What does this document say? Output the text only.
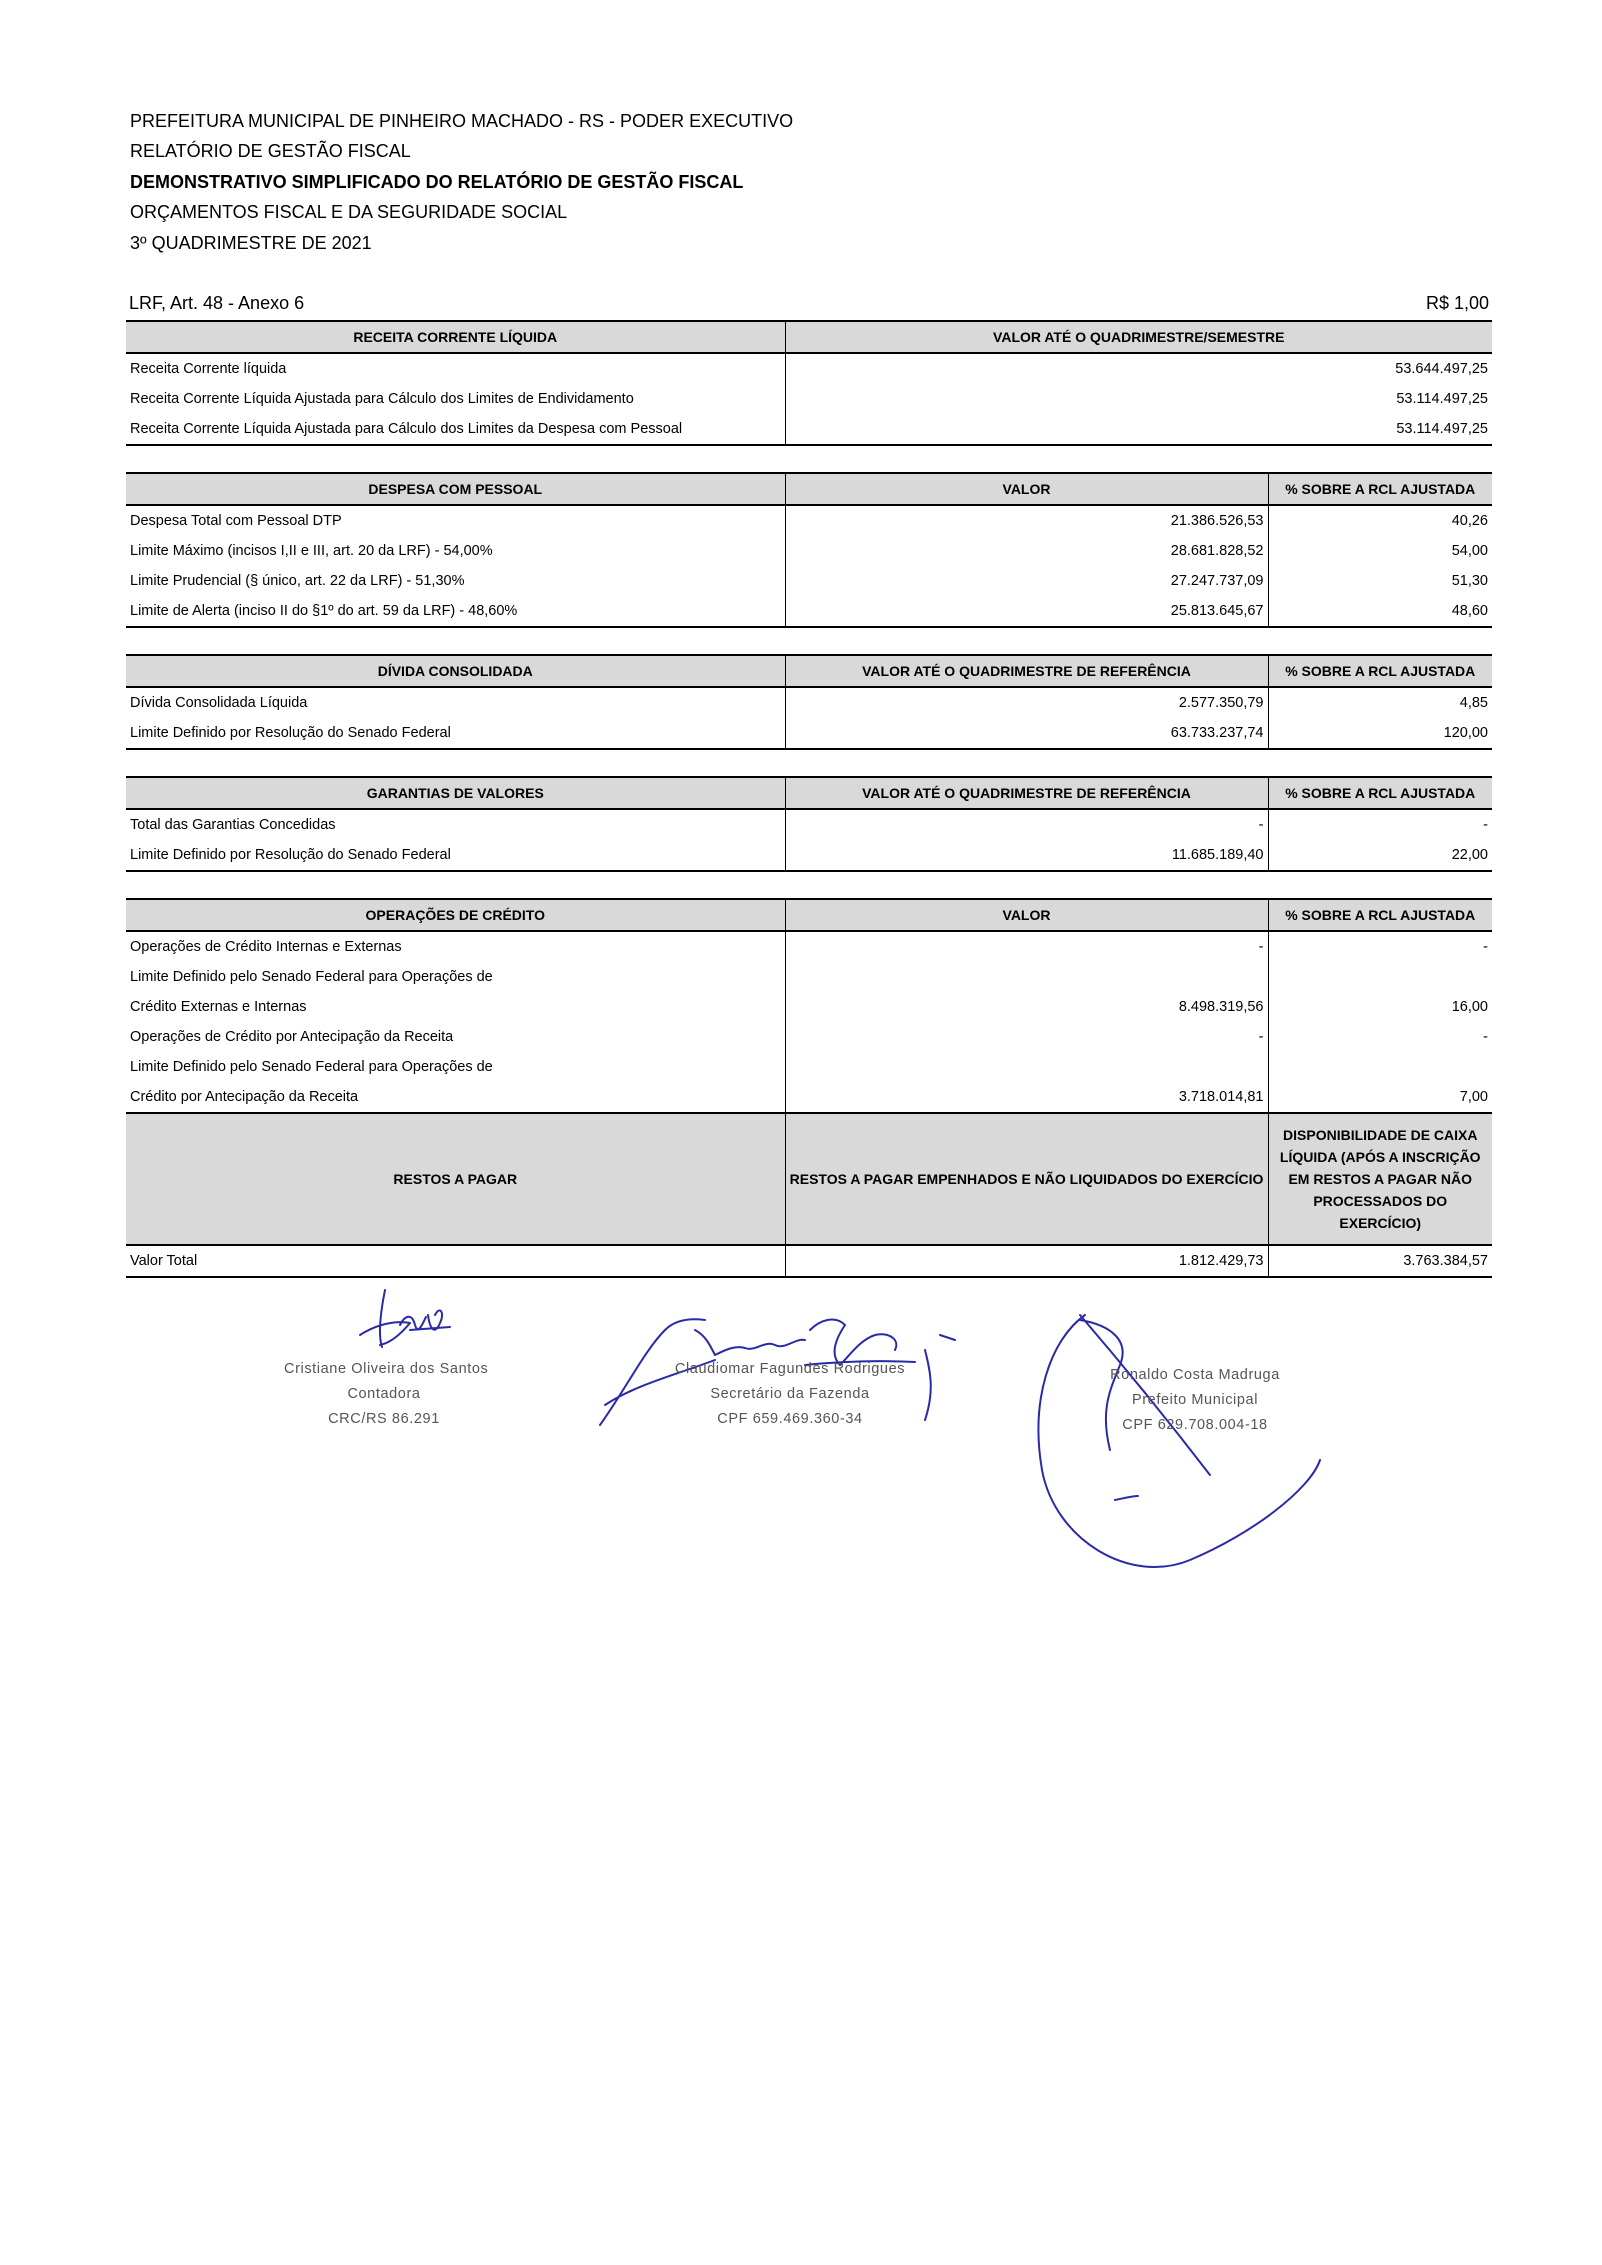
PREFEITURA MUNICIPAL DE PINHEIRO MACHADO - RS - PODER EXECUTIVO
RELATÓRIO DE GESTÃO FISCAL
DEMONSTRATIVO SIMPLIFICADO DO RELATÓRIO DE GESTÃO FISCAL
ORÇAMENTOS FISCAL E DA SEGURIDADE SOCIAL
3º QUADRIMESTRE DE 2021
LRF, Art. 48 - Anexo 6	R$ 1,00
RECEITA CORRENTE LÍQUIDA	VALOR ATÉ O QUADRIMESTRE/SEMESTRE
Receita Corrente líquida	53.644.497,25
Receita Corrente Líquida Ajustada para Cálculo dos Limites de Endividamento	53.114.497,25
Receita Corrente Líquida Ajustada para Cálculo dos Limites da Despesa com Pessoal	53.114.497,25
DESPESA COM PESSOAL	VALOR	% SOBRE A RCL AJUSTADA
Despesa Total com Pessoal DTP	21.386.526,53	40,26
Limite Máximo (incisos I,II e III, art. 20 da LRF) - 54,00%	28.681.828,52	54,00
Limite Prudencial (§ único, art. 22 da LRF) - 51,30%	27.247.737,09	51,30
Limite de Alerta (inciso II do §1º do art. 59 da LRF) - 48,60%	25.813.645,67	48,60
DÍVIDA CONSOLIDADA	VALOR ATÉ O QUADRIMESTRE DE REFERÊNCIA	% SOBRE A RCL AJUSTADA
Dívida Consolidada Líquida	2.577.350,79	4,85
Limite Definido por Resolução do Senado Federal	63.733.237,74	120,00
GARANTIAS DE VALORES	VALOR ATÉ O QUADRIMESTRE DE REFERÊNCIA	% SOBRE A RCL AJUSTADA
Total das Garantias Concedidas	-	-
Limite Definido por Resolução do Senado Federal	11.685.189,40	22,00
OPERAÇÕES DE CRÉDITO	VALOR	% SOBRE A RCL AJUSTADA
Operações de Crédito Internas e Externas	-	-
Limite Definido pelo Senado Federal para Operações de		
Crédito Externas e Internas	8.498.319,56	16,00
Operações de Crédito por Antecipação da Receita	-	-
Limite Definido pelo Senado Federal para Operações de		
Crédito por Antecipação da Receita	3.718.014,81	7,00
RESTOS A PAGAR	RESTOS A PAGAR EMPENHADOS E NÃO LIQUIDADOS DO EXERCÍCIO	DISPONIBILIDADE DE CAIXA LÍQUIDA (APÓS A INSCRIÇÃO EM RESTOS A PAGAR NÃO PROCESSADOS DO EXERCÍCIO)
Valor Total	1.812.429,73	3.763.384,57
Cristiane Oliveira dos Santos
Contadora
CRC/RS 86.291
Claudiomar Fagundes Rodrigues
Secretário da Fazenda
CPF 659.469.360-34
Ronaldo Costa Madruga
Prefeito Municipal
CPF 629.708.004-18
